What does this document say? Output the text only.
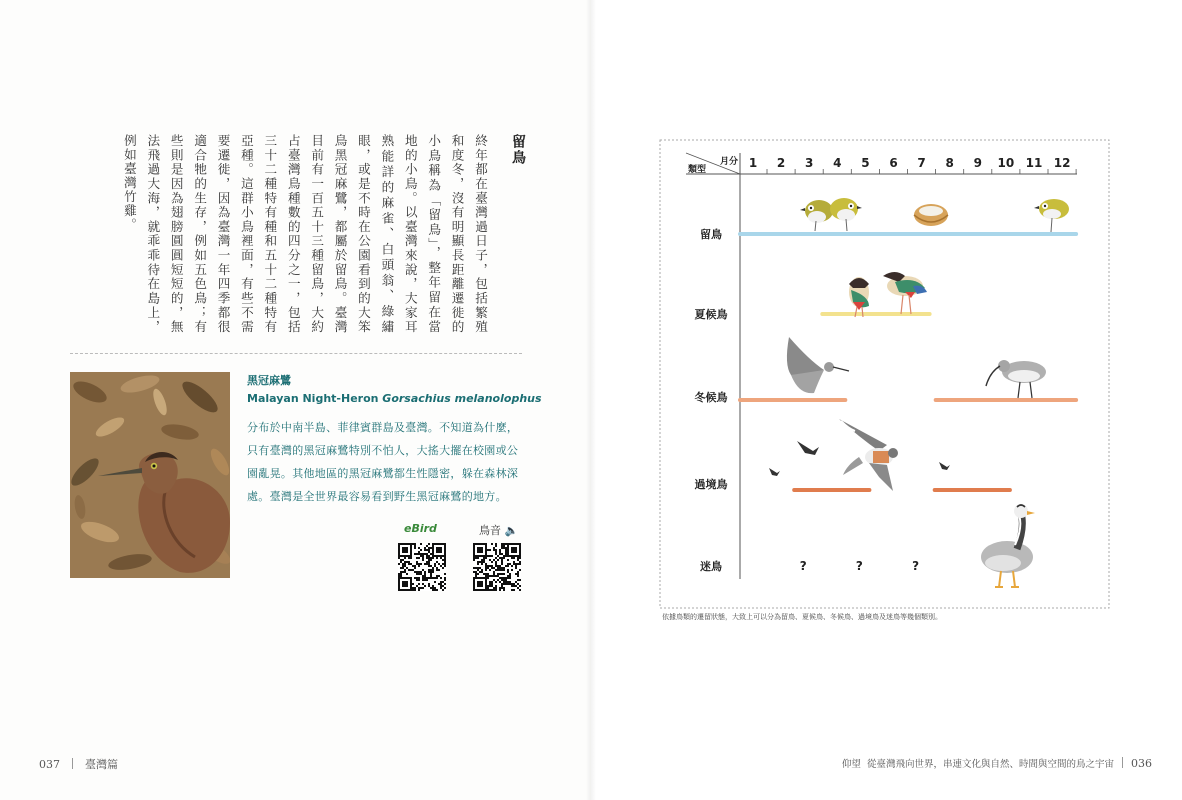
留鳥
終年都在臺灣過日子，包括繁殖和度冬，沒有明顯長距離遷徙的小鳥稱為「留鳥」，整年留在當地的小鳥。以臺灣來說，大家耳熟能詳的麻雀、白頭翁、綠繡眼，或是不時在公園看到的大笨鳥黑冠麻鷺，都屬於留鳥。臺灣目前有一百五十三種留鳥，大約占臺灣鳥種數的四分之一，包括三十二種特有種和五十二種特有亞種。這群小鳥裡面，有些不需要遷徙，因為臺灣一年四季都很適合牠的生存，例如五色鳥；有些則是因為翅膀圓圓短短的，無法飛過大海，就乖乖待在島上，例如臺灣竹雞。
黑冠麻鷺
Malayan Night-Heron Gorsachius melanolophus
分布於中南半島、菲律賓群島及臺灣。不知道為什麼，只有臺灣的黑冠麻鷺特別不怕人，大搖大擺在校園或公園亂晃。其他地區的黑冠麻鷺都生性隱密，躲在森林深處。臺灣是全世界最容易看到野生黑冠麻鷺的地方。
eBird	鳥音 🔈
037 臺灣篇	仰望 從臺灣飛向世界，串連文化與自然、時間與空間的鳥之宇宙 036
月分
類型	1 2 3 4 5 6 7 8 9 10 11 12
留鳥
夏候鳥
冬候鳥
過境鳥
迷鳥	?	?	?
依據鳥類的遷留狀態，大致上可以分為留鳥、夏候鳥、冬候鳥、過境鳥及迷鳥等幾個類別。
